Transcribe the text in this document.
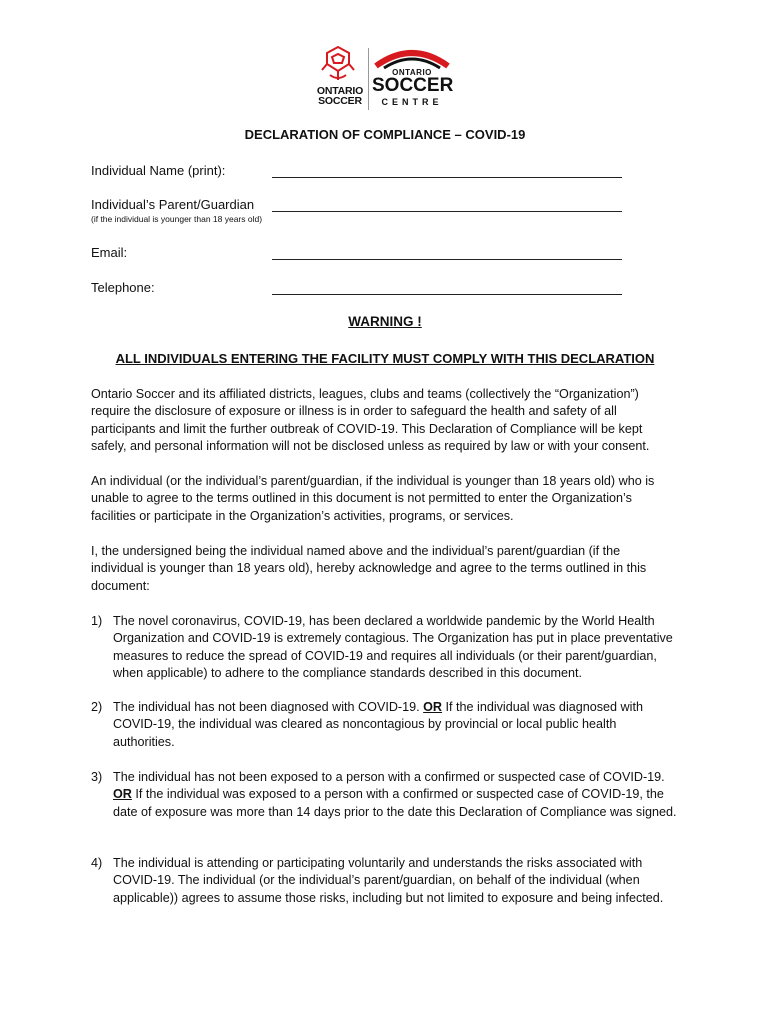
ONTARIO
SOCCER
ONTARIO
SOCCER
CENTRE
DECLARATION OF COMPLIANCE – COVID-19
Individual Name (print):
Individual’s Parent/Guardian
(if the individual is younger than 18 years old)
Email:
Telephone:
WARNING !
ALL INDIVIDUALS ENTERING THE FACILITY MUST COMPLY WITH THIS DECLARATION

Ontario Soccer and its affiliated districts, leagues, clubs and teams (collectively the “Organization”) require the disclosure of exposure or illness is in order to safeguard the health and safety of all participants and limit the further outbreak of COVID-19. This Declaration of Compliance will be kept safely, and personal information will not be disclosed unless as required by law or with your consent.

An individual (or the individual’s parent/guardian, if the individual is younger than 18 years old) who is unable to agree to the terms outlined in this document is not permitted to enter the Organization’s facilities or participate in the Organization’s activities, programs, or services.

I, the undersigned being the individual named above and the individual’s parent/guardian (if the individual is younger than 18 years old), hereby acknowledge and agree to the terms outlined in this document:

1) The novel coronavirus, COVID-19, has been declared a worldwide pandemic by the World Health Organization and COVID-19 is extremely contagious. The Organization has put in place preventative measures to reduce the spread of COVID-19 and requires all individuals (or their parent/guardian, when applicable) to adhere to the compliance standards described in this document.

2) The individual has not been diagnosed with COVID-19. OR If the individual was diagnosed with COVID-19, the individual was cleared as noncontagious by provincial or local public health authorities.

3) The individual has not been exposed to a person with a confirmed or suspected case of COVID-19. OR If the individual was exposed to a person with a confirmed or suspected case of COVID-19, the date of exposure was more than 14 days prior to the date this Declaration of Compliance was signed.

4) The individual is attending or participating voluntarily and understands the risks associated with COVID-19. The individual (or the individual’s parent/guardian, on behalf of the individual (when applicable)) agrees to assume those risks, including but not limited to exposure and being infected.
